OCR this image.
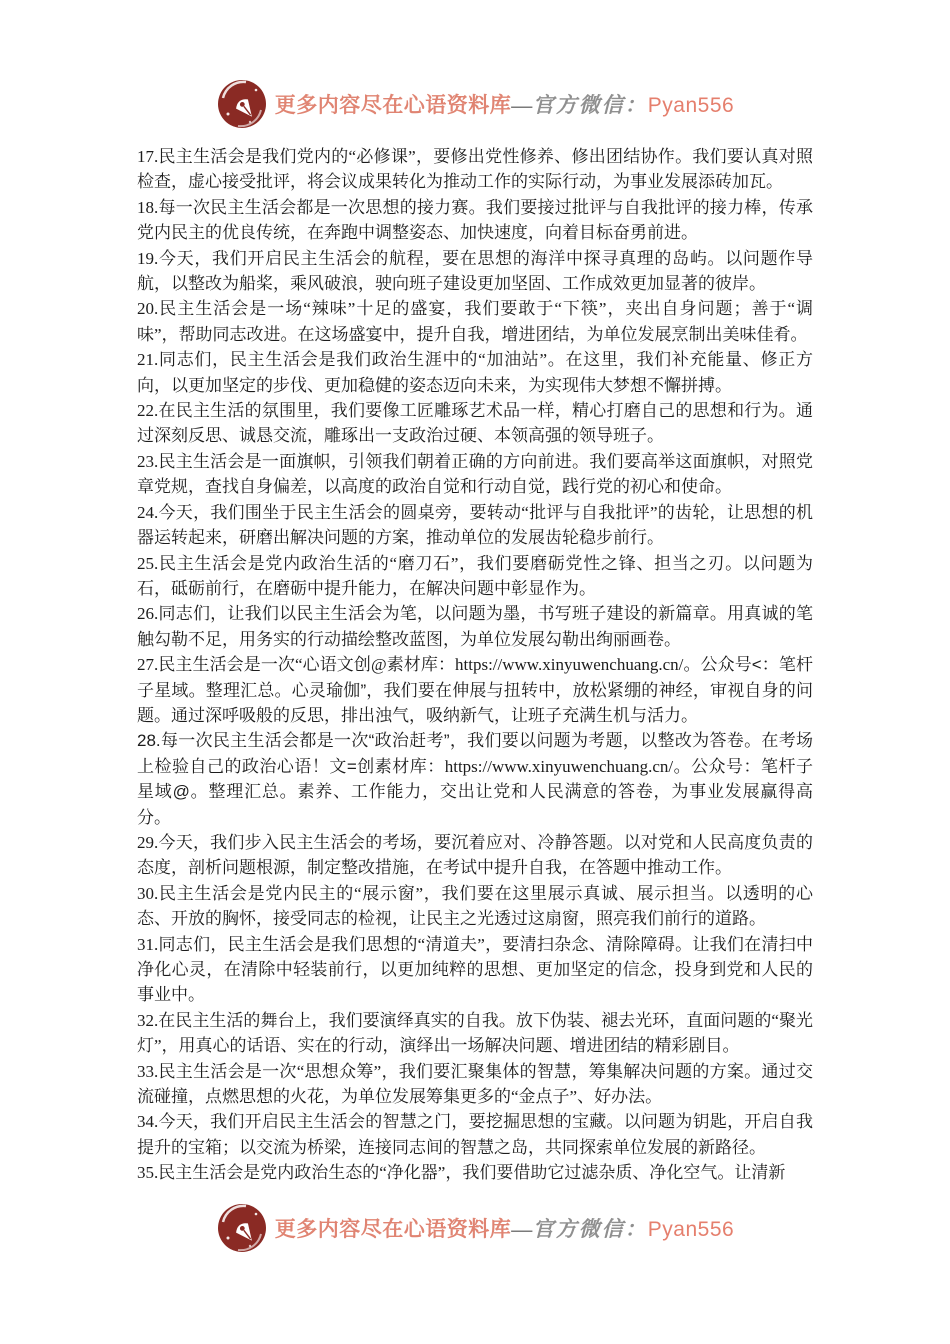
更多内容尽在心语资料库—官方微信：Pyan556

17.民主生活会是我们党内的“必修课”，要修出党性修养、修出团结协作。我们要认真对照检查，虚心接受批评，将会议成果转化为推动工作的实际行动，为事业发展添砖加瓦。

18.每一次民主生活会都是一次思想的接力赛。我们要接过批评与自我批评的接力棒，传承党内民主的优良传统，在奔跑中调整姿态、加快速度，向着目标奋勇前进。

19.今天，我们开启民主生活会的航程，要在思想的海洋中探寻真理的岛屿。以问题作导航，以整改为船桨，乘风破浪，驶向班子建设更加坚固、工作成效更加显著的彼岸。

20.民主生活会是一场“辣味”十足的盛宴，我们要敢于“下筷”，夹出自身问题；善于“调味”，帮助同志改进。在这场盛宴中，提升自我，增进团结，为单位发展烹制出美味佳肴。

21.同志们，民主生活会是我们政治生涯中的“加油站”。在这里，我们补充能量、修正方向，以更加坚定的步伐、更加稳健的姿态迈向未来，为实现伟大梦想不懈拼搏。

22.在民主生活的氛围里，我们要像工匠雕琢艺术品一样，精心打磨自己的思想和行为。通过深刻反思、诚恳交流，雕琢出一支政治过硬、本领高强的领导班子。

23.民主生活会是一面旗帜，引领我们朝着正确的方向前进。我们要高举这面旗帜，对照党章党规，查找自身偏差，以高度的政治自觉和行动自觉，践行党的初心和使命。

24.今天，我们围坐于民主生活会的圆桌旁，要转动“批评与自我批评”的齿轮，让思想的机器运转起来，研磨出解决问题的方案，推动单位的发展齿轮稳步前行。

25.民主生活会是党内政治生活的“磨刀石”，我们要磨砺党性之锋、担当之刃。以问题为石，砥砺前行，在磨砺中提升能力，在解决问题中彰显作为。

26.同志们，让我们以民主生活会为笔，以问题为墨，书写班子建设的新篇章。用真诚的笔触勾勒不足，用务实的行动描绘整改蓝图，为单位发展勾勒出绚丽画卷。

27.民主生活会是一次“心语文创@素材库：https://www.xinyuwenchuang.cn/。公众号<：笔杆子星域。整理汇总。心灵瑜伽”，我们要在伸展与扭转中，放松紧绷的神经，审视自身的问题。通过深呼吸般的反思，排出浊气，吸纳新气，让班子充满生机与活力。

28.每一次民主生活会都是一次“政治赶考”，我们要以问题为考题，以整改为答卷。在考场上检验自己的政治心语！文=创素材库：https://www.xinyuwenchuang.cn/。公众号：笔杆子星域@。整理汇总。素养、工作能力，交出让党和人民满意的答卷，为事业发展赢得高分。

29.今天，我们步入民主生活会的考场，要沉着应对、冷静答题。以对党和人民高度负责的态度，剖析问题根源，制定整改措施，在考试中提升自我，在答题中推动工作。

30.民主生活会是党内民主的“展示窗”，我们要在这里展示真诚、展示担当。以透明的心态、开放的胸怀，接受同志的检视，让民主之光透过这扇窗，照亮我们前行的道路。

31.同志们，民主生活会是我们思想的“清道夫”，要清扫杂念、清除障碍。让我们在清扫中净化心灵，在清除中轻装前行，以更加纯粹的思想、更加坚定的信念，投身到党和人民的事业中。

32.在民主生活的舞台上，我们要演绎真实的自我。放下伪装、褪去光环，直面问题的“聚光灯”，用真心的话语、实在的行动，演绎出一场解决问题、增进团结的精彩剧目。

33.民主生活会是一次“思想众筹”，我们要汇聚集体的智慧，筹集解决问题的方案。通过交流碰撞，点燃思想的火花，为单位发展筹集更多的“金点子”、好办法。

34.今天，我们开启民主生活会的智慧之门，要挖掘思想的宝藏。以问题为钥匙，开启自我提升的宝箱；以交流为桥梁，连接同志间的智慧之岛，共同探索单位发展的新路径。

35.民主生活会是党内政治生态的“净化器”，我们要借助它过滤杂质、净化空气。让清新

更多内容尽在心语资料库—官方微信：Pyan556
